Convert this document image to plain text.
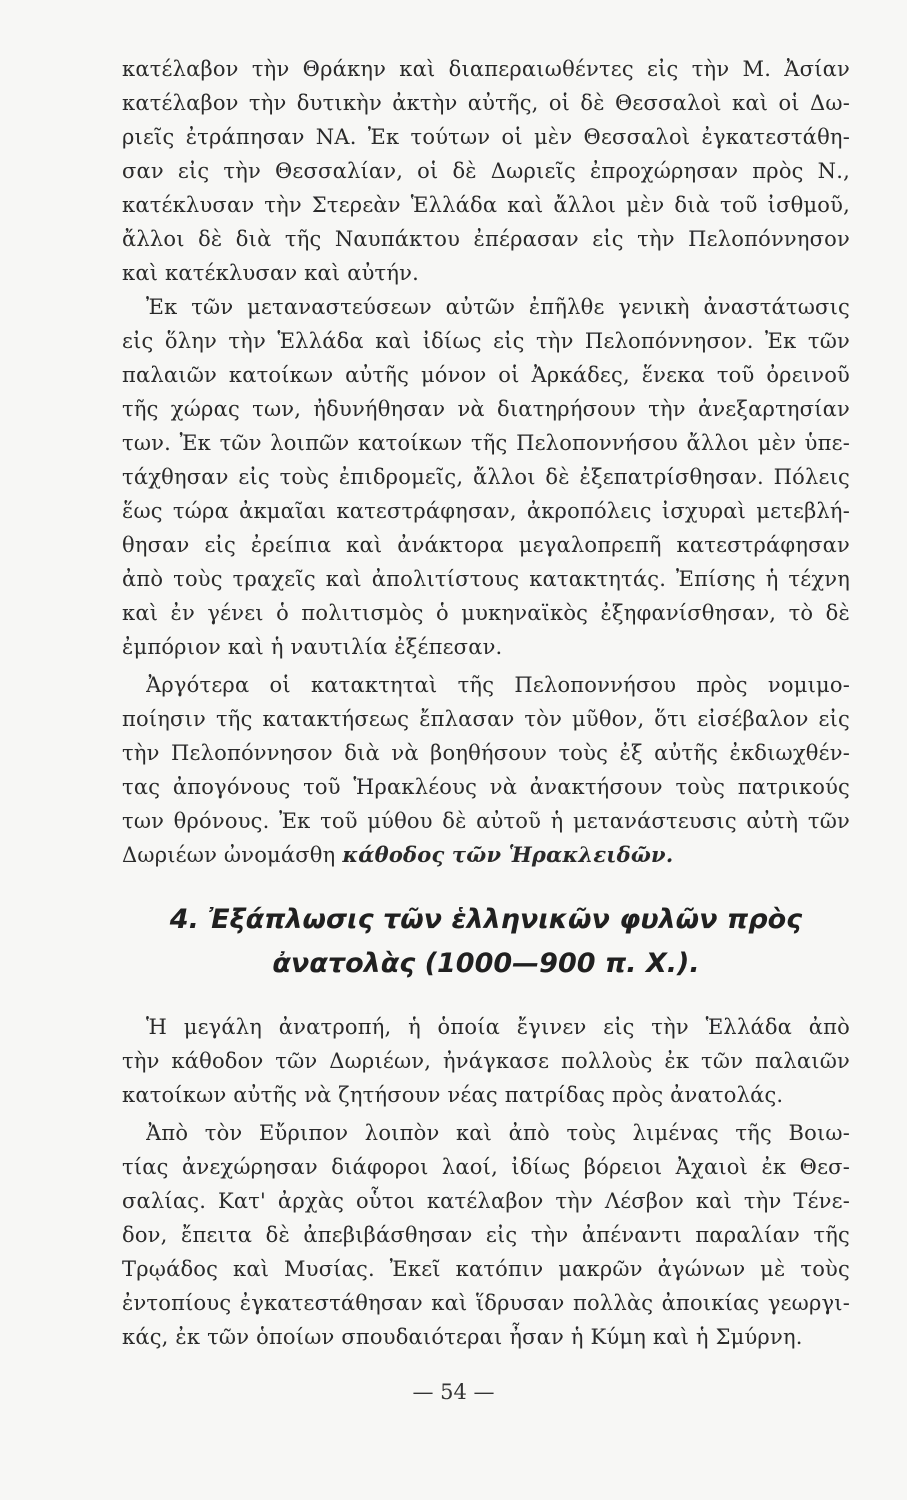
κατέλαβον τὴν Θράκην καὶ διαπεραιωθέντες εἰς τὴν Μ. Ἀσίαν
κατέλαβον τὴν δυτικὴν ἀκτὴν αὐτῆς, οἱ δὲ Θεσσαλοὶ καὶ οἱ Δω-
ριεῖς ἐτράπησαν ΝΑ. Ἐκ τούτων οἱ μὲν Θεσσαλοὶ ἐγκατεστάθη-
σαν εἰς τὴν Θεσσαλίαν, οἱ δὲ Δωριεῖς ἐπροχώρησαν πρὸς Ν.,
κατέκλυσαν τὴν Στερεὰν Ἑλλάδα καὶ ἄλλοι μὲν διὰ τοῦ ἰσθμοῦ,
ἄλλοι δὲ διὰ τῆς Ναυπάκτου ἐπέρασαν εἰς τὴν Πελοπόννησον
καὶ κατέκλυσαν καὶ αὐτήν.
Ἐκ τῶν μεταναστεύσεων αὐτῶν ἐπῆλθε γενικὴ ἀναστάτωσις
εἰς ὅλην τὴν Ἑλλάδα καὶ ἰδίως εἰς τὴν Πελοπόννησον. Ἐκ τῶν
παλαιῶν κατοίκων αὐτῆς μόνον οἱ Ἀρκάδες, ἕνεκα τοῦ ὀρεινοῦ
τῆς χώρας των, ἠδυνήθησαν νὰ διατηρήσουν τὴν ἀνεξαρτησίαν
των. Ἐκ τῶν λοιπῶν κατοίκων τῆς Πελοποννήσου ἄλλοι μὲν ὑπε-
τάχθησαν εἰς τοὺς ἐπιδρομεῖς, ἄλλοι δὲ ἐξεπατρίσθησαν. Πόλεις
ἕως τώρα ἀκμαῖαι κατεστράφησαν, ἀκροπόλεις ἰσχυραὶ μετεβλή-
θησαν εἰς ἐρείπια καὶ ἀνάκτορα μεγαλοπρεπῆ κατεστράφησαν
ἀπὸ τοὺς τραχεῖς καὶ ἀπολιτίστους κατακτητάς. Ἐπίσης ἡ τέχνη
καὶ ἐν γένει ὁ πολιτισμὸς ὁ μυκηναϊκὸς ἐξηφανίσθησαν, τὸ δὲ
ἐμπόριον καὶ ἡ ναυτιλία ἐξέπεσαν.
Ἀργότερα οἱ κατακτηταὶ τῆς Πελοποννήσου πρὸς νομιμο-
ποίησιν τῆς κατακτήσεως ἔπλασαν τὸν μῦθον, ὅτι εἰσέβαλον εἰς
τὴν Πελοπόννησον διὰ νὰ βοηθήσουν τοὺς ἐξ αὐτῆς ἐκδιωχθέν-
τας ἀπογόνους τοῦ Ἡρακλέους νὰ ἀνακτήσουν τοὺς πατρικούς
των θρόνους. Ἐκ τοῦ μύθου δὲ αὐτοῦ ἡ μετανάστευσις αὐτὴ τῶν
Δωριέων ὠνομάσθη κάθοδος τῶν Ἡρακλειδῶν.
4. Ἐξάπλωσις τῶν ἑλληνικῶν φυλῶν πρὸς
ἀνατολὰς (1000—900 π. Χ.).
Ἡ μεγάλη ἀνατροπή, ἡ ὁποία ἔγινεν εἰς τὴν Ἑλλάδα ἀπὸ
τὴν κάθοδον τῶν Δωριέων, ἠνάγκασε πολλοὺς ἐκ τῶν παλαιῶν
κατοίκων αὐτῆς νὰ ζητήσουν νέας πατρίδας πρὸς ἀνατολάς.
Ἀπὸ τὸν Εὔριπον λοιπὸν καὶ ἀπὸ τοὺς λιμένας τῆς Βοιω-
τίας ἀνεχώρησαν διάφοροι λαοί, ἰδίως βόρειοι Ἀχαιοὶ ἐκ Θεσ-
σαλίας. Κατ' ἀρχὰς οὗτοι κατέλαβον τὴν Λέσβον καὶ τὴν Τένε-
δον, ἔπειτα δὲ ἀπεβιβάσθησαν εἰς τὴν ἀπέναντι παραλίαν τῆς
Τρῳάδος καὶ Μυσίας. Ἐκεῖ κατόπιν μακρῶν ἀγώνων μὲ τοὺς
ἐντοπίους ἐγκατεστάθησαν καὶ ἵδρυσαν πολλὰς ἀποικίας γεωργι-
κάς, ἐκ τῶν ὁποίων σπουδαιότεραι ἦσαν ἡ Κύμη καὶ ἡ Σμύρνη.
— 54 —
